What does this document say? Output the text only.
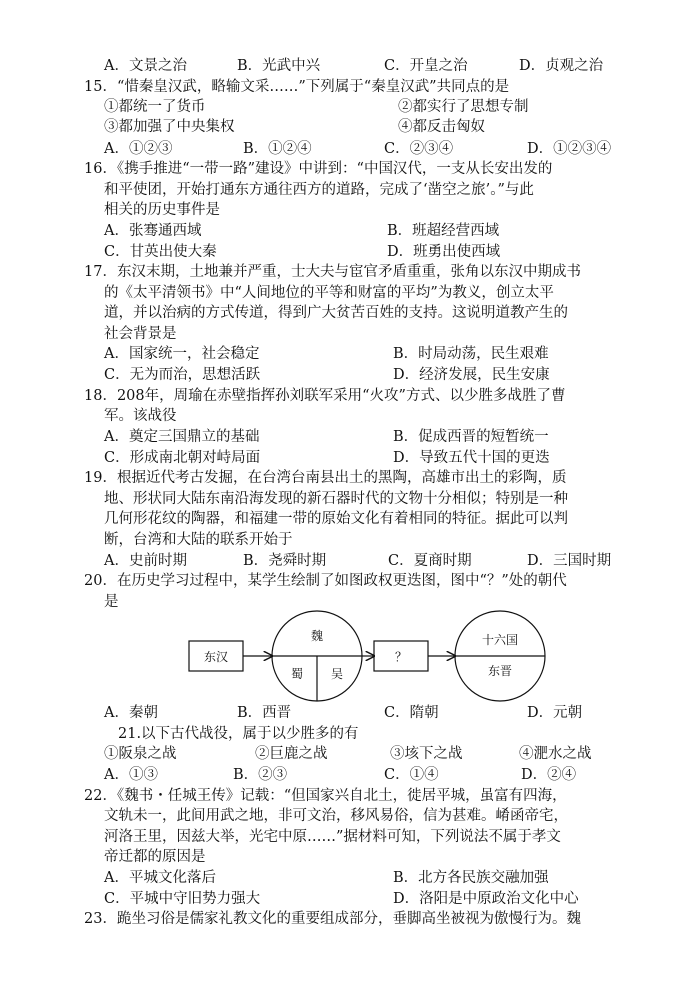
A．文景之治	B．光武中兴	C．开皇之治	D．贞观之治
15．“惜秦皇汉武，略输文采……”下列属于“秦皇汉武”共同点的是
①都统一了货币	②都实行了思想专制
③都加强了中央集权	④都反击匈奴
A．①②③	B．①②④	C．②③④	D．①②③④
16．《携手推进“一带一路”建设》中讲到：“中国汉代，一支从长安出发的
和平使团，开始打通东方通往西方的道路，完成了‘凿空之旅’。”与此
相关的历史事件是
A．张骞通西域	B．班超经营西域
C．甘英出使大秦	D．班勇出使西域
17．东汉末期，土地兼并严重，士大夫与宦官矛盾重重，张角以东汉中期成书
的《太平清领书》中“人间地位的平等和财富的平均”为教义，创立太平
道，并以治病的方式传道，得到广大贫苦百姓的支持。这说明道教产生的
社会背景是
A．国家统一，社会稳定	B．时局动荡，民生艰难
C．无为而治，思想活跃	D．经济发展，民生安康
18．208年，周瑜在赤壁指挥孙刘联军采用“火攻”方式、以少胜多战胜了曹
军。该战役
A．奠定三国鼎立的基础	B．促成西晋的短暂统一
C．形成南北朝对峙局面	D．导致五代十国的更迭
19．根据近代考古发掘，在台湾台南县出土的黑陶，高雄市出土的彩陶，质
地、形状同大陆东南沿海发现的新石器时代的文物十分相似；特别是一种
几何形花纹的陶器，和福建一带的原始文化有着相同的特征。据此可以判
断，台湾和大陆的联系开始于
A．史前时期	B．尧舜时期	C．夏商时期	D．三国时期
20．在历史学习过程中，某学生绘制了如图政权更迭图，图中“？”处的朝代
是
东汉
魏
蜀 吴
？
十六国
东晋
A．秦朝	B．西晋	C．隋朝	D．元朝
21.以下古代战役，属于以少胜多的有
①阪泉之战	②巨鹿之战	③垓下之战	④淝水之战
A．①③	B．②③	C．①④	D．②④
22．《魏书・任城王传》记载：“但国家兴自北土，徙居平城，虽富有四海，
文轨未一，此间用武之地，非可文治，移风易俗，信为甚难。崤函帝宅，
河洛王里，因兹大举，光宅中原……”据材料可知，下列说法不属于孝文
帝迁都的原因是
A．平城文化落后	B．北方各民族交融加强
C．平城中守旧势力强大	D．洛阳是中原政治文化中心
23．跪坐习俗是儒家礼教文化的重要组成部分，垂脚高坐被视为傲慢行为。魏
